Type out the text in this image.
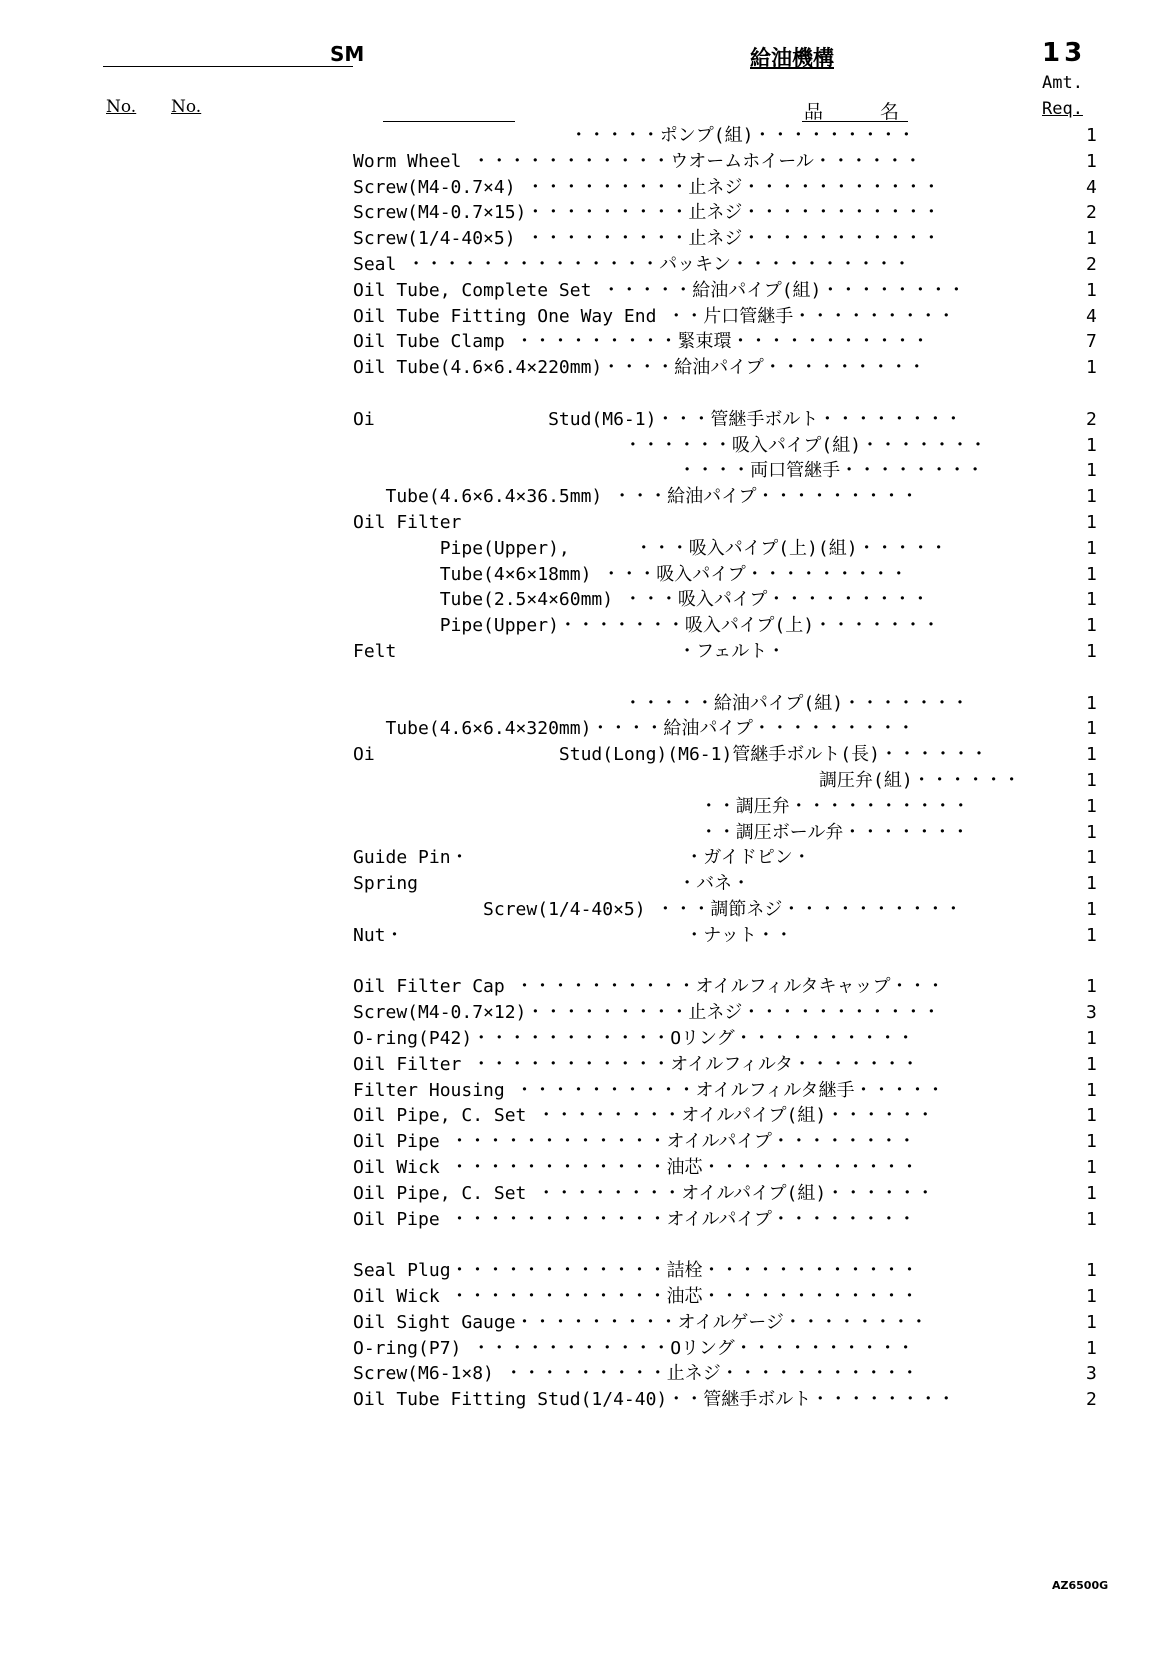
SM	給油機構	13
Amt.
Req.
No. No.	品　　　名
・・・・・ポンプ(組)・・・・・・・・・	1
Worm Wheel ・・・・・・・・・・・ウオームホイール・・・・・・	1
Screw(M4-0.7×4) ・・・・・・・・・止ネジ・・・・・・・・・・・	4
Screw(M4-0.7×15)・・・・・・・・・止ネジ・・・・・・・・・・・	2
Screw(1/4-40×5) ・・・・・・・・・止ネジ・・・・・・・・・・・	1
Seal ・・・・・・・・・・・・・・パッキン・・・・・・・・・・	2
Oil Tube, Complete Set ・・・・・給油パイプ(組)・・・・・・・・	1
Oil Tube Fitting One Way End ・・片口管継手・・・・・・・・・	4
Oil Tube Clamp ・・・・・・・・・緊束環・・・・・・・・・・・	7
Oil Tube(4.6×6.4×220mm)・・・・給油パイプ・・・・・・・・・	1
Oi                Stud(M6-1)・・・管継手ボルト・・・・・・・・	2
・・・・・・吸入パイプ(組)・・・・・・・	1
・・・・両口管継手・・・・・・・・	1
Tube(4.6×6.4×36.5mm) ・・・給油パイプ・・・・・・・・・	1
Oil Filter	1
Pipe(Upper),      ・・・吸入パイプ(上)(組)・・・・・	1
Tube(4×6×18mm) ・・・吸入パイプ・・・・・・・・・	1
Tube(2.5×4×60mm) ・・・吸入パイプ・・・・・・・・・	1
Pipe(Upper)・・・・・・・吸入パイプ(上)・・・・・・・	1
Felt                          ・フェルト・	1
・・・・・給油パイプ(組)・・・・・・・	1
Tube(4.6×6.4×320mm)・・・・給油パイプ・・・・・・・・・	1
Oi                 Stud(Long)(M6-1)管継手ボルト(長)・・・・・・	1
調圧弁(組)・・・・・・	1
・・調圧弁・・・・・・・・・・	1
・・調圧ボール弁・・・・・・・	1
Guide Pin・                    ・ガイドピン・	1
Spring                        ・バネ・	1
Screw(1/4-40×5) ・・・調節ネジ・・・・・・・・・・	1
Nut・                          ・ナット・・	1
Oil Filter Cap ・・・・・・・・・・オイルフィルタキャップ・・・	1
Screw(M4-0.7×12)・・・・・・・・・止ネジ・・・・・・・・・・・	3
O-ring(P42)・・・・・・・・・・・Oリング・・・・・・・・・・	1
Oil Filter ・・・・・・・・・・・オイルフィルタ・・・・・・・	1
Filter Housing ・・・・・・・・・・オイルフィルタ継手・・・・・	1
Oil Pipe, C. Set ・・・・・・・・オイルパイプ(組)・・・・・・	1
Oil Pipe ・・・・・・・・・・・・オイルパイプ・・・・・・・・	1
Oil Wick ・・・・・・・・・・・・油芯・・・・・・・・・・・・	1
Oil Pipe, C. Set ・・・・・・・・オイルパイプ(組)・・・・・・	1
Oil Pipe ・・・・・・・・・・・・オイルパイプ・・・・・・・・	1
Seal Plug・・・・・・・・・・・・詰栓・・・・・・・・・・・・	1
Oil Wick ・・・・・・・・・・・・油芯・・・・・・・・・・・・	1
Oil Sight Gauge・・・・・・・・・オイルゲージ・・・・・・・・	1
O-ring(P7) ・・・・・・・・・・・Oリング・・・・・・・・・・	1
Screw(M6-1×8) ・・・・・・・・・止ネジ・・・・・・・・・・・	3
Oil Tube Fitting Stud(1/4-40)・・管継手ボルト・・・・・・・・	2
AZ6500G
